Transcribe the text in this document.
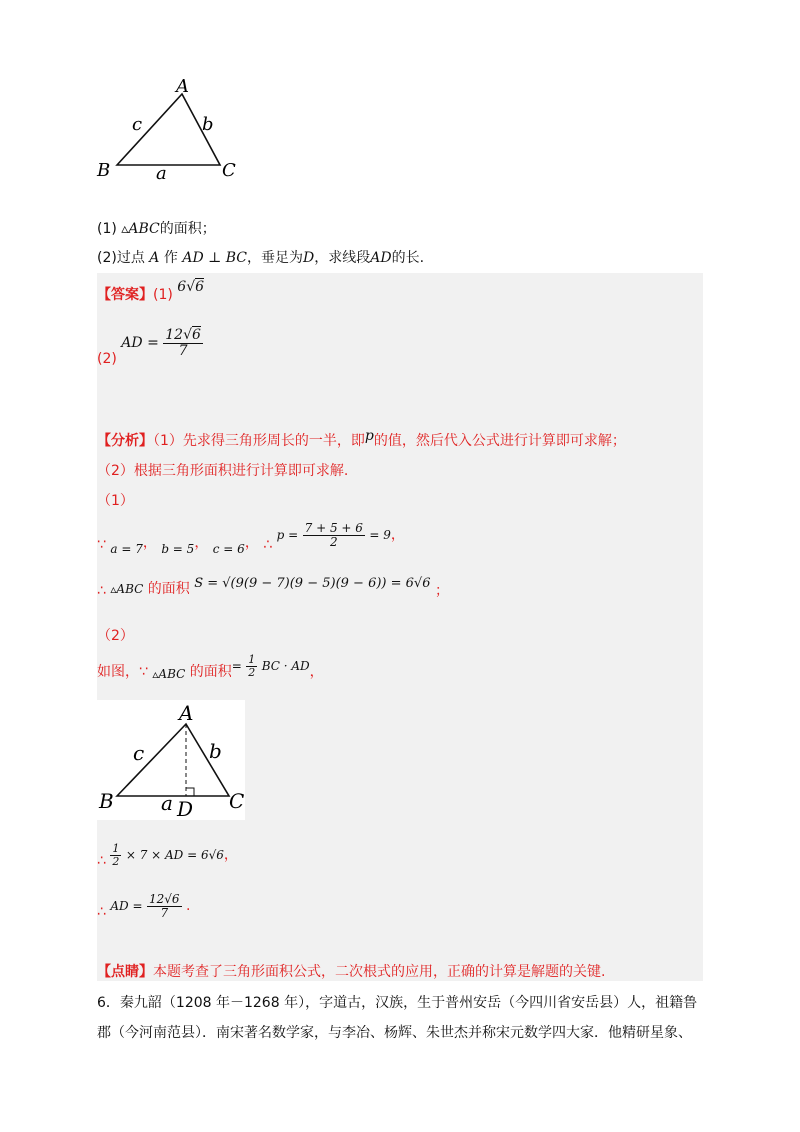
A
B	C
a
b
c
(1) ▵ABC的面积；
(2)过点 A 作 AD ⊥ BC，垂足为D，求线段AD的长.
【答案】(1) 6√6
(2) AD = $\frac{12√6}{7}$
【分析】（1）先求得三角形周长的一半，即p的值，然后代入公式进行计算即可求解；
（2）根据三角形面积进行计算即可求解.
（1）
∵ a = 7， b = 5， c = 6， ∴ $p = \frac{7 + 5 + 6}{2} = 9$，
∴ ▵ABC 的面积 S = √(9(9 − 7)(9 − 5)(9 − 6)) = 6√6 ；
（2）
如图，∵ ▵ABC 的面积= $\frac{1}{2}$ BC · AD，
A
B	C
D
a
b
c
∴ $\frac{1}{2} \times 7$ × AD = 6√6，
∴ AD = $\frac{12√6}{7}$ .
【点睛】本题考查了三角形面积公式，二次根式的应用，正确的计算是解题的关键.
6．秦九韶（1208 年－1268 年），字道古，汉族，生于普州安岳（今四川省安岳县）人，祖籍鲁
郡（今河南范县）．南宋著名数学家，与李冶、杨辉、朱世杰并称宋元数学四大家．他精研星象、
